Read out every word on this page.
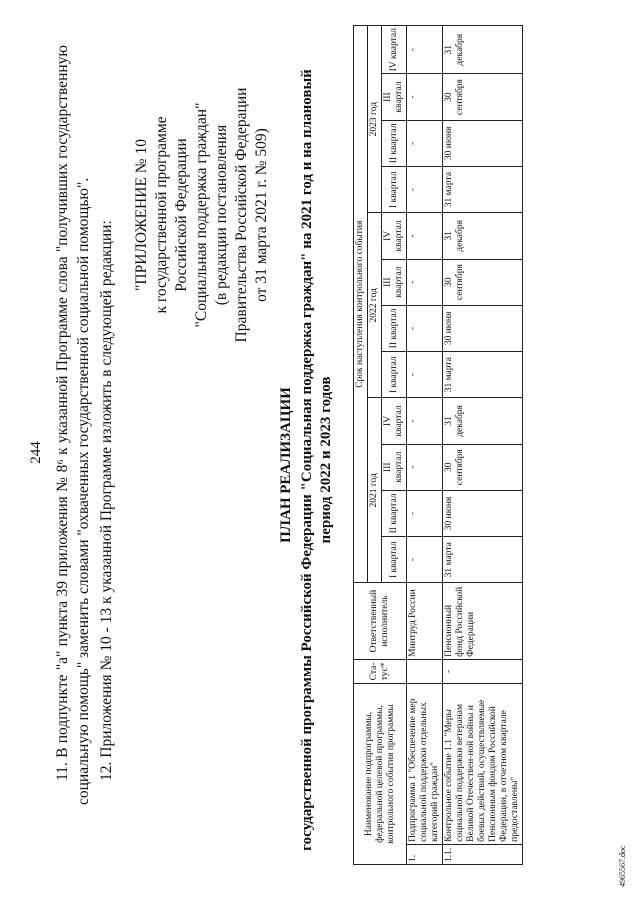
244 11. В подпункте "а" пункта 39 приложения № 8⁶ к указанной Программе слова "получивших государственную социальную помощь" заменить словами "охваченных государственной социальной помощью". 12. Приложения № 10 - 13 к указанной Программе изложить в следующей редакции:

"ПРИЛОЖЕНИЕ № 10 к государственной программе Российской Федерации "Социальная поддержка граждан" (в редакции постановления Правительства Российской Федерации от 31 марта 2021 г. № 509)
ПЛАН РЕАЛИЗАЦИИ государственной программы Российской Федерации "Социальная поддержка граждан" на 2021 год и на плановый период 2022 и 2023 годов
Наименование подпрограммы, федеральной целевой программы, контрольного события программы		Ста-тус*	Ответственный исполнитель	Срок наступления контрольного события											
				2021 год				2022 год				2023 год			
				I квартал	II квартал	III квартал	IV квартал	I квартал	II квартал	III квартал	IV квартал	I квартал	II квартал	III квартал	IV квартал
1.	Подпрограмма 1 "Обеспечение мер социальной поддержки отдельных категорий граждан"		Минтруд России	-	-	-	-	-	-	-	-	-	-	-	-
1.1.	Контрольное событие 1.1 "Меры социальной поддержки ветеранам Великой Отечествен-ной войны и боевых действий, осуществляемые Пенсионным фондом Российской Федерации, в отчетном квартале предоставлены"	-	Пенсионный фонд Российской Федерации	31 марта	30 июня	30 сентября	31 декабря	31 марта	30 июня	30 сентября	31 декабря	31 марта	30 июня	30 сентября	31 декабря
4965567.doc
